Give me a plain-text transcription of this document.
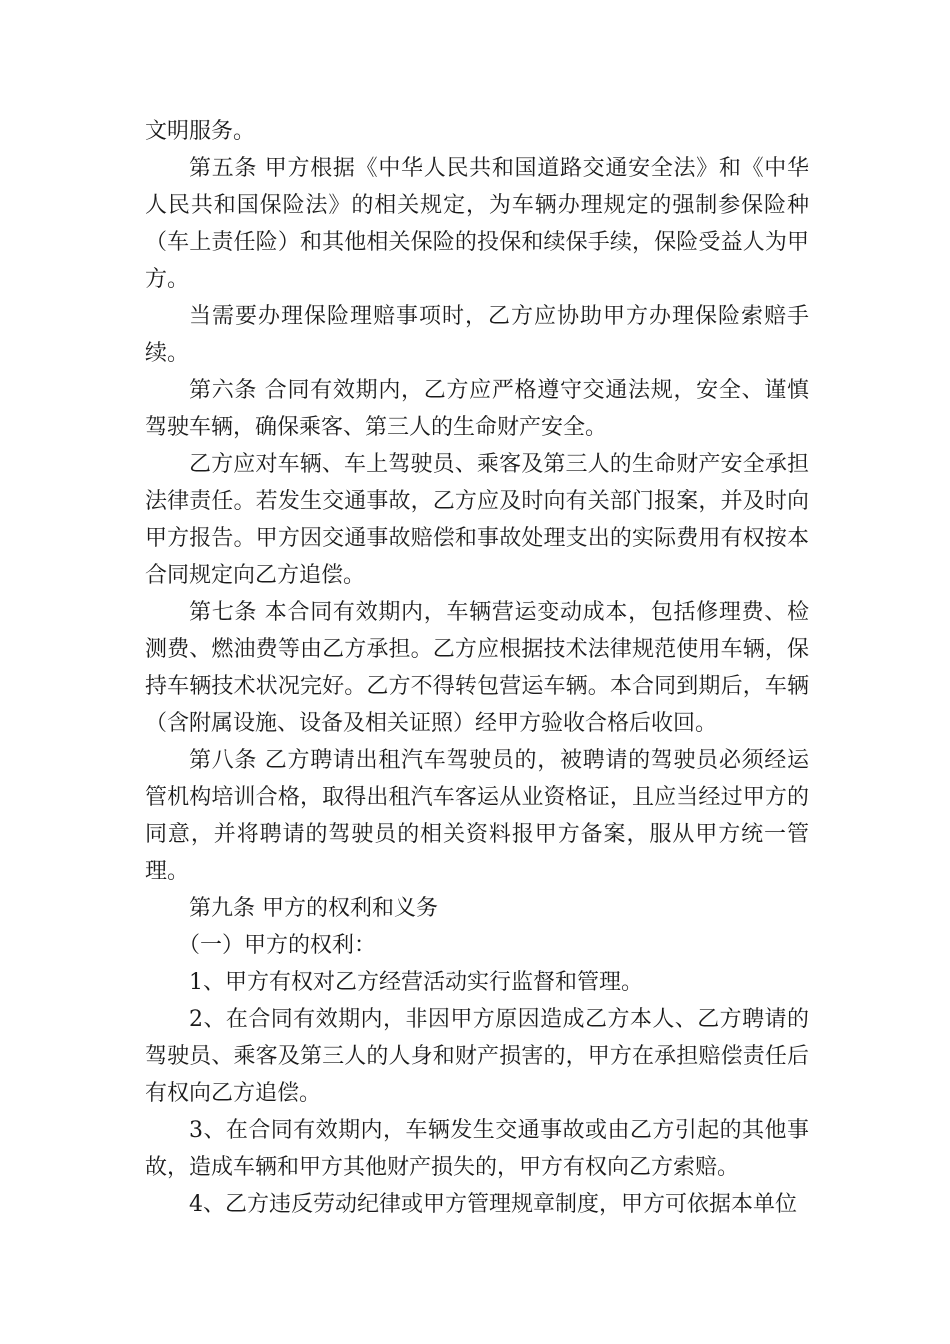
文明服务。

第五条 甲方根据《中华人民共和国道路交通安全法》和《中华人民共和国保险法》的相关规定，为车辆办理规定的强制参保险种（车上责任险）和其他相关保险的投保和续保手续，保险受益人为甲方。

当需要办理保险理赔事项时，乙方应协助甲方办理保险索赔手续。

第六条 合同有效期内，乙方应严格遵守交通法规，安全、谨慎驾驶车辆，确保乘客、第三人的生命财产安全。

乙方应对车辆、车上驾驶员、乘客及第三人的生命财产安全承担法律责任。若发生交通事故，乙方应及时向有关部门报案，并及时向甲方报告。甲方因交通事故赔偿和事故处理支出的实际费用有权按本合同规定向乙方追偿。

第七条 本合同有效期内，车辆营运变动成本，包括修理费、检测费、燃油费等由乙方承担。乙方应根据技术法律规范使用车辆，保持车辆技术状况完好。乙方不得转包营运车辆。本合同到期后，车辆（含附属设施、设备及相关证照）经甲方验收合格后收回。

第八条 乙方聘请出租汽车驾驶员的，被聘请的驾驶员必须经运管机构培训合格，取得出租汽车客运从业资格证，且应当经过甲方的同意，并将聘请的驾驶员的相关资料报甲方备案，服从甲方统一管理。

第九条 甲方的权利和义务

（一）甲方的权利：

1、甲方有权对乙方经营活动实行监督和管理。

2、在合同有效期内，非因甲方原因造成乙方本人、乙方聘请的驾驶员、乘客及第三人的人身和财产损害的，甲方在承担赔偿责任后有权向乙方追偿。

3、在合同有效期内，车辆发生交通事故或由乙方引起的其他事故，造成车辆和甲方其他财产损失的，甲方有权向乙方索赔。

4、乙方违反劳动纪律或甲方管理规章制度，甲方可依据本单位
